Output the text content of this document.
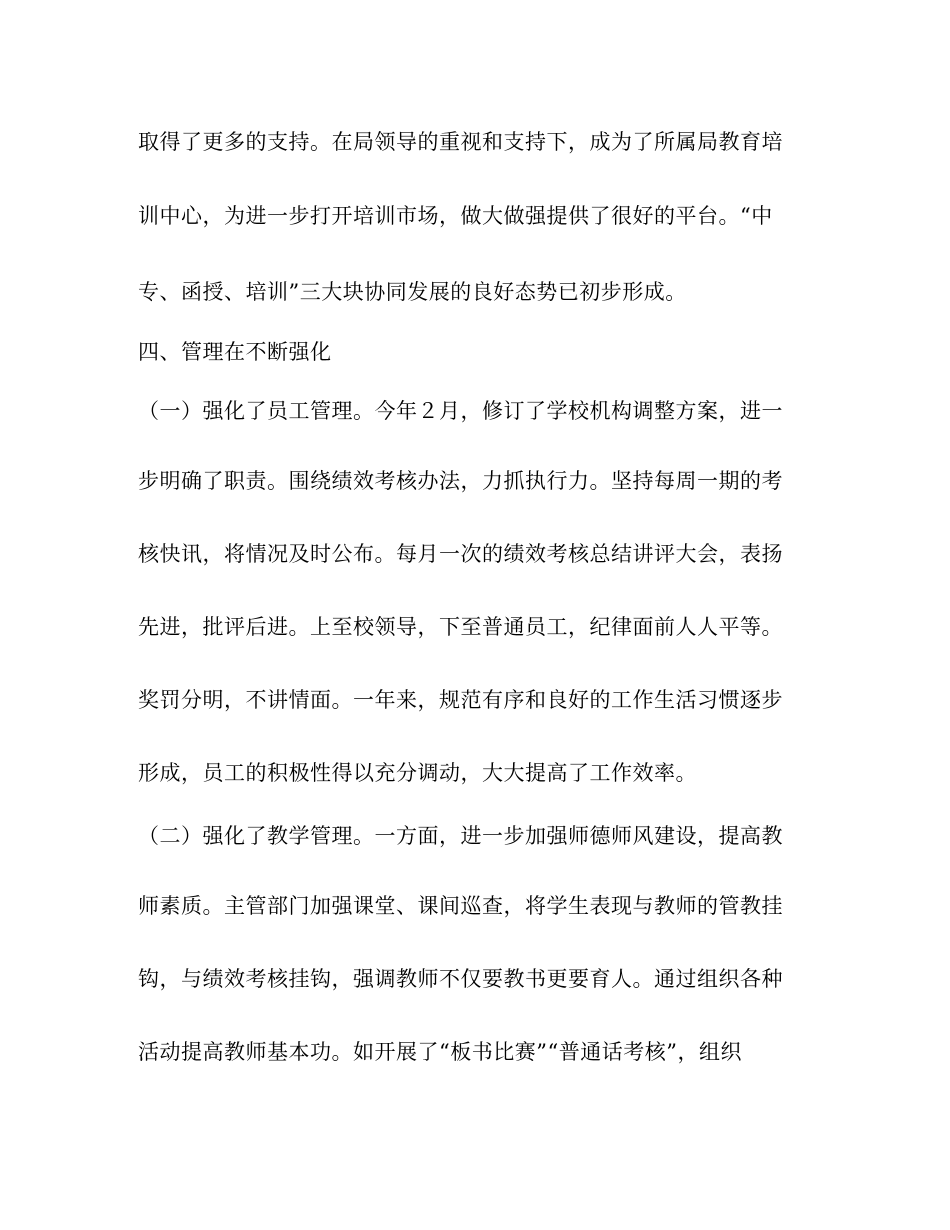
取得了更多的支持。在局领导的重视和支持下，成为了所属局教育培
训中心，为进一步打开培训市场，做大做强提供了很好的平台。“中
专、函授、培训”三大块协同发展的良好态势已初步形成。
四、管理在不断强化
（一）强化了员工管理。今年２月，修订了学校机构调整方案，进一
步明确了职责。围绕绩效考核办法，力抓执行力。坚持每周一期的考
核快讯，将情况及时公布。每月一次的绩效考核总结讲评大会，表扬
先进，批评后进。上至校领导，下至普通员工，纪律面前人人平等。
奖罚分明，不讲情面。一年来，规范有序和良好的工作生活习惯逐步
形成，员工的积极性得以充分调动，大大提高了工作效率。
（二）强化了教学管理。一方面，进一步加强师德师风建设，提高教
师素质。主管部门加强课堂、课间巡查，将学生表现与教师的管教挂
钩，与绩效考核挂钩，强调教师不仅要教书更要育人。通过组织各种
活动提高教师基本功。如开展了“板书比赛”“普通话考核”，组织
